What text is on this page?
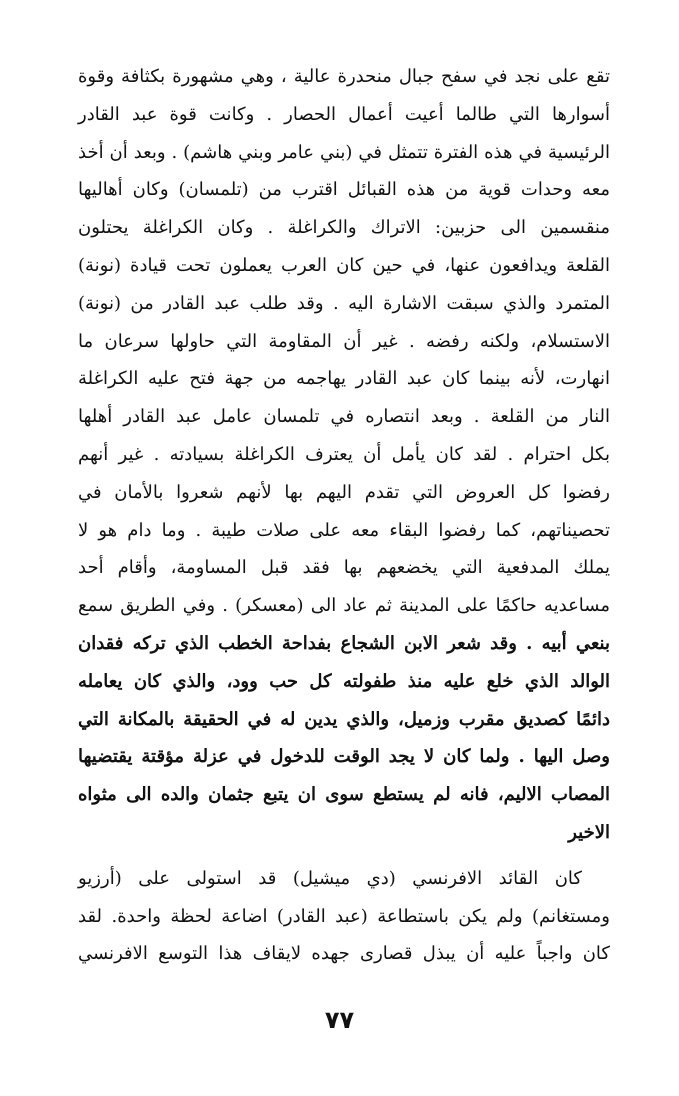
تقع على نجد في سفح جبال منحدرة عالية ، وهي مشهورة بكثافة وقوة
أسوارها التي طالما أعيت أعمال الحصار . وكانت قوة عبد القادر
الرئيسية في هذه الفترة تتمثل في (بني عامر وبني هاشم) . وبعد أن أخذ
معه وحدات قوية من هذه القبائل اقترب من (تلمسان) وكان أهاليها
منقسمين الى حزبين: الاتراك والكراغلة . وكان الكراغلة يحتلون
القلعة ويدافعون عنها، في حين كان العرب يعملون تحت قيادة (نونة)
المتمرد والذي سبقت الاشارة اليه . وقد طلب عبد القادر من (نونة)
الاستسلام، ولكنه رفضه . غير أن المقاومة التي حاولها سرعان ما
انهارت، لأنه بينما كان عبد القادر يهاجمه من جهة فتح عليه الكراغلة
النار من القلعة . وبعد انتصاره في تلمسان عامل عبد القادر أهلها
بكل احترام . لقد كان يأمل أن يعترف الكراغلة بسيادته . غير أنهم
رفضوا كل العروض التي تقدم اليهم بها لأنهم شعروا بالأمان في
تحصيناتهم، كما رفضوا البقاء معه على صلات طيبة . وما دام هو لا
يملك المدفعية التي يخضعهم بها فقد قبل المساومة، وأقام أحد
مساعديه حاكمًا على المدينة ثم عاد الى (معسكر) . وفي الطريق سمع
بنعي أبيه . وقد شعر الابن الشجاع بفداحة الخطب الذي تركه فقدان
الوالد الذي خلع عليه منذ طفولته كل حب وود، والذي كان يعامله
دائمًا كصديق مقرب وزميل، والذي يدين له في الحقيقة بالمكانة التي
وصل اليها . ولما كان لا يجد الوقت للدخول في عزلة مؤقتة يقتضيها
المصاب الاليم، فانه لم يستطع سوى ان يتبع جثمان والده الى مثواه
الاخير
كان القائد الافرنسي (دي ميشيل) قد استولى على (أرزيو
ومستغانم) ولم يكن باستطاعة (عبد القادر) اضاعة لحظة واحدة. لقد
كان واجباً عليه أن يبذل قصارى جهده لايقاف هذا التوسع الافرنسي
٧٧
